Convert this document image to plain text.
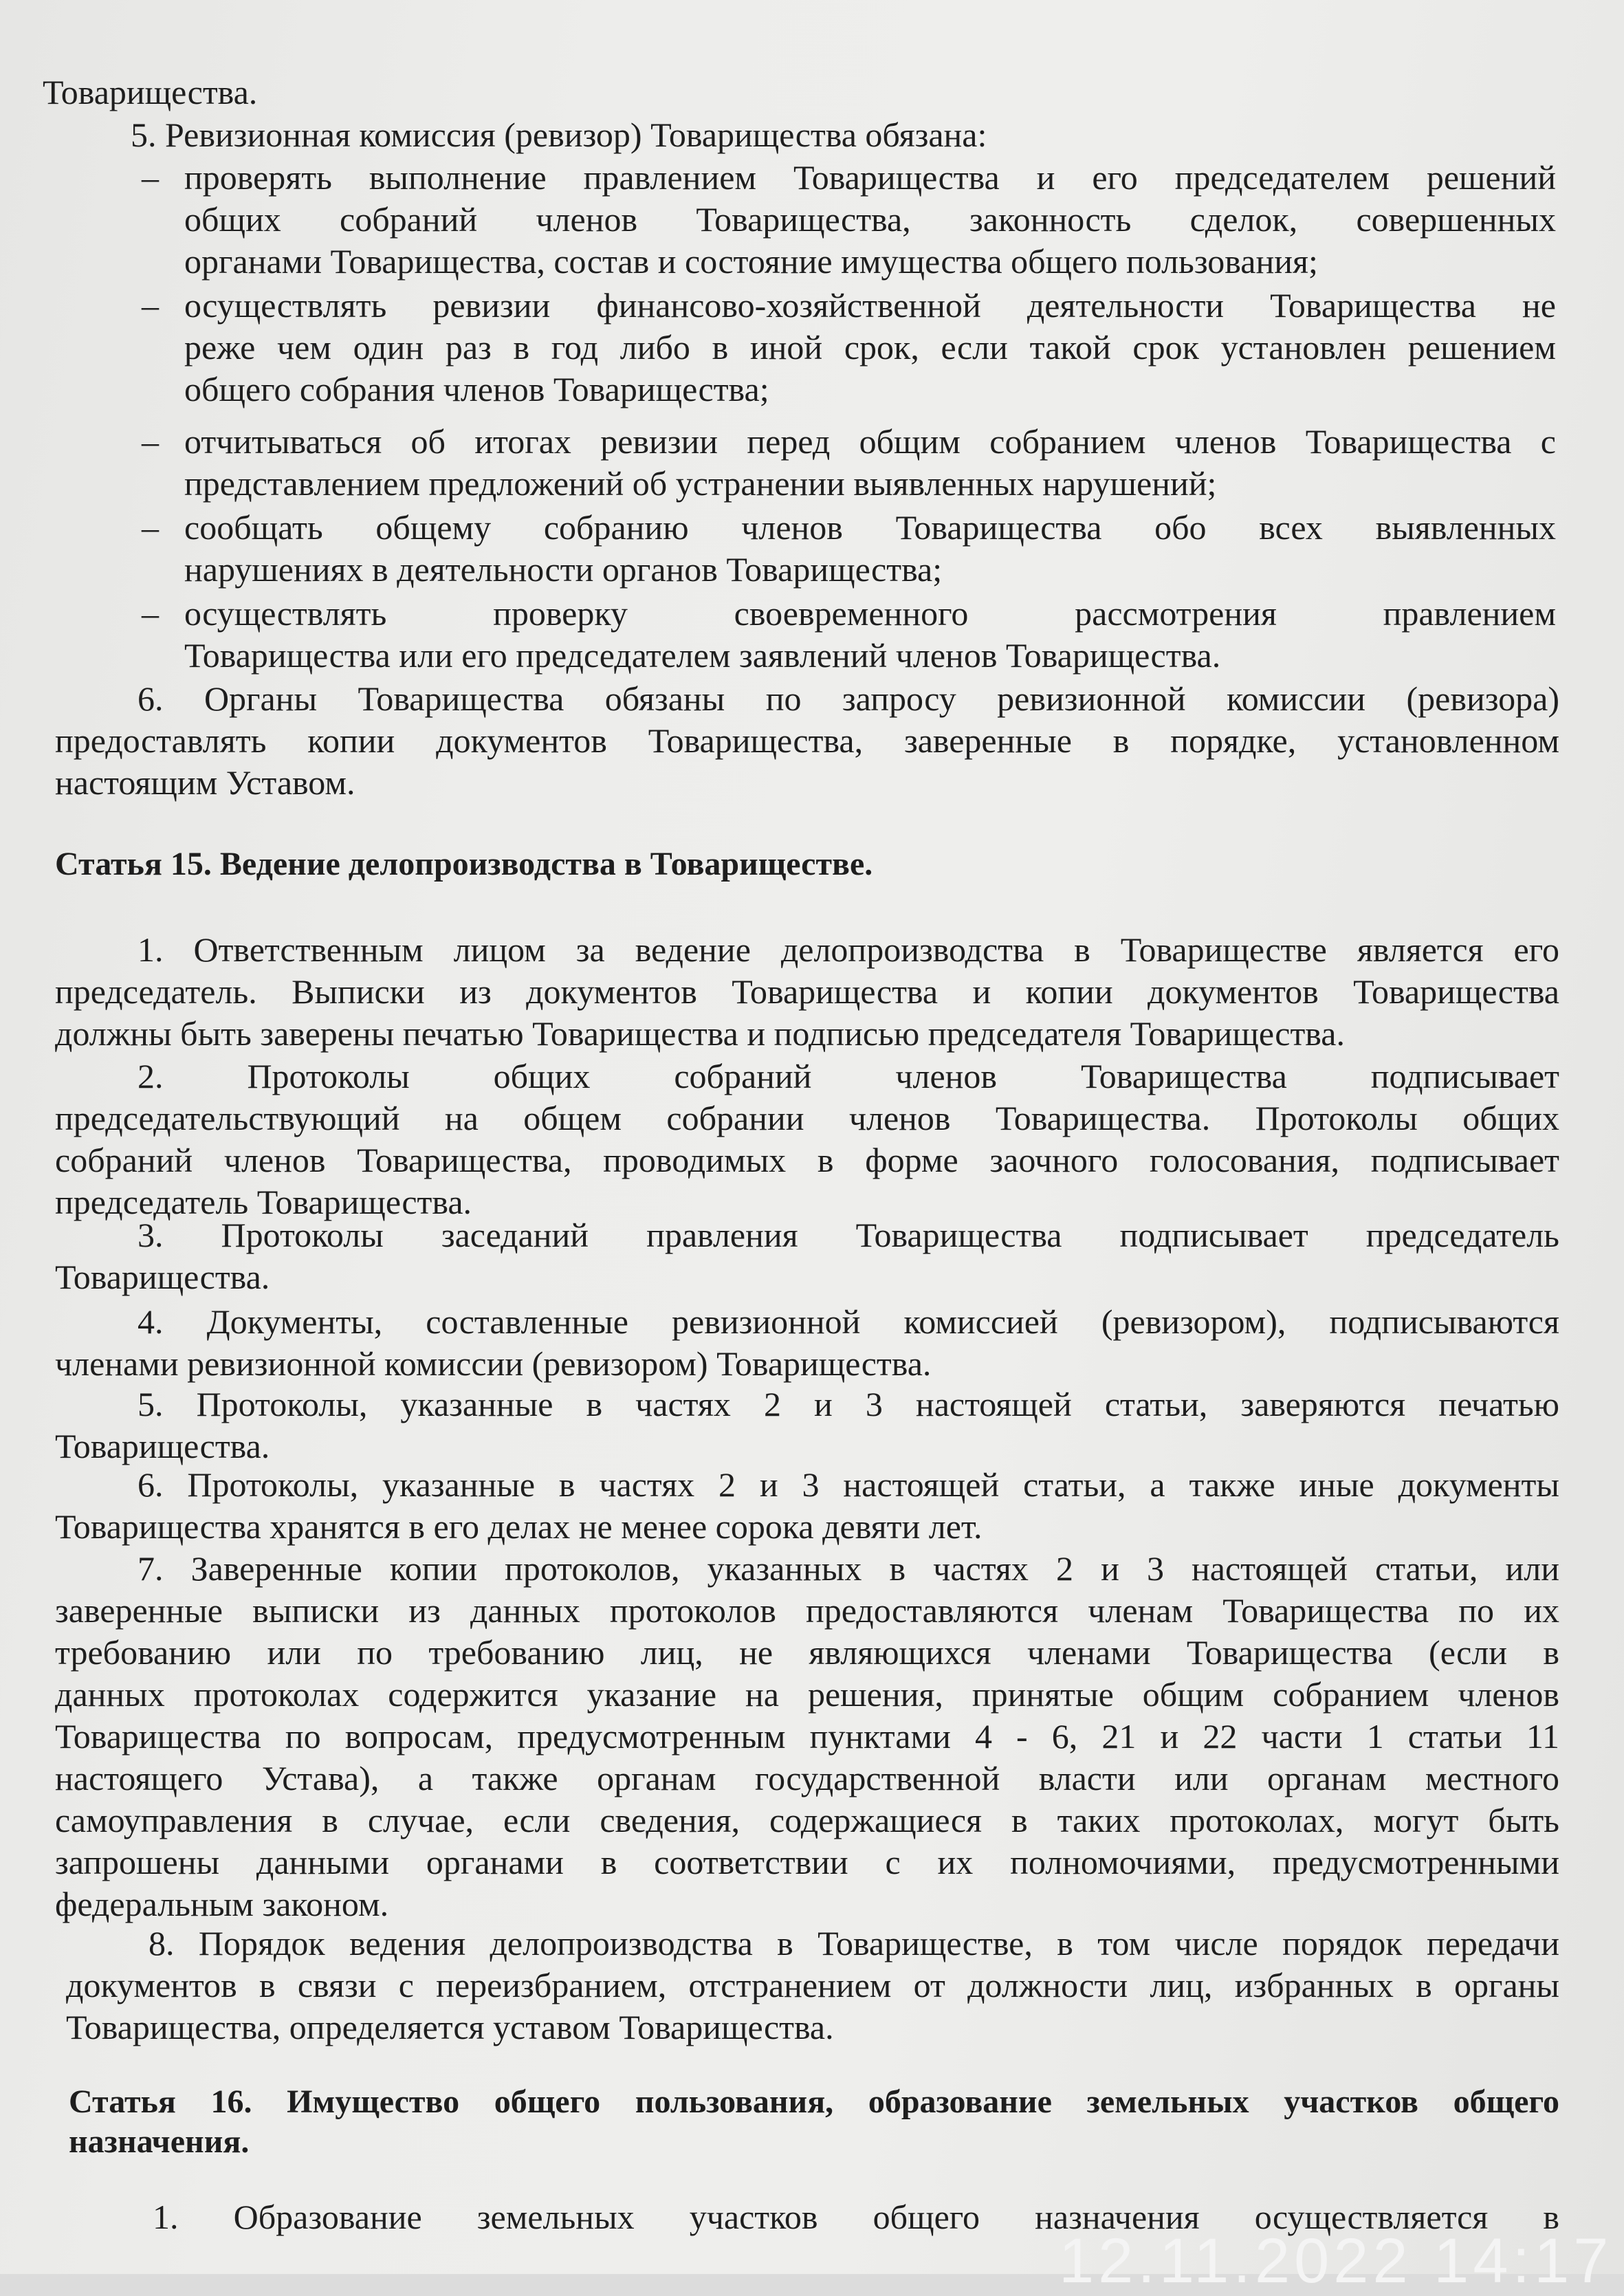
Товарищества.

5. Ревизионная комиссия (ревизор) Товарищества обязана:

– проверять выполнение правлением Товарищества и его председателем решений

общих собраний членов Товарищества, законность сделок, совершенных

органами Товарищества, состав и состояние имущества общего пользования;

– осуществлять ревизии финансово-хозяйственной деятельности Товарищества не

реже чем один раз в год либо в иной срок, если такой срок установлен решением

общего собрания членов Товарищества;

– отчитываться об итогах ревизии перед общим собранием членов Товарищества с

представлением предложений об устранении выявленных нарушений;

– сообщать общему собранию членов Товарищества обо всех выявленных

нарушениях в деятельности органов Товарищества;

– осуществлять проверку своевременного рассмотрения правлением

Товарищества или его председателем заявлений членов Товарищества.

6. Органы Товарищества обязаны по запросу ревизионной комиссии (ревизора)

предоставлять копии документов Товарищества, заверенные в порядке, установленном

настоящим Уставом.

Статья 15. Ведение делопроизводства в Товариществе.

1. Ответственным лицом за ведение делопроизводства в Товариществе является его

председатель. Выписки из документов Товарищества и копии документов Товарищества

должны быть заверены печатью Товарищества и подписью председателя Товарищества.

2. Протоколы общих собраний членов Товарищества подписывает

председательствующий на общем собрании членов Товарищества. Протоколы общих

собраний членов Товарищества, проводимых в форме заочного голосования, подписывает

председатель Товарищества.

3. Протоколы заседаний правления Товарищества подписывает председатель

Товарищества.

4. Документы, составленные ревизионной комиссией (ревизором), подписываются

членами ревизионной комиссии (ревизором) Товарищества.

5. Протоколы, указанные в частях 2 и 3 настоящей статьи, заверяются печатью

Товарищества.

6. Протоколы, указанные в частях 2 и 3 настоящей статьи, а также иные документы

Товарищества хранятся в его делах не менее сорока девяти лет.

7. Заверенные копии протоколов, указанных в частях 2 и 3 настоящей статьи, или

заверенные выписки из данных протоколов предоставляются членам Товарищества по их

требованию или по требованию лиц, не являющихся членами Товарищества (если в

данных протоколах содержится указание на решения, принятые общим собранием членов

Товарищества по вопросам, предусмотренным пунктами 4 - 6, 21 и 22 части 1 статьи 11

настоящего Устава), а также органам государственной власти или органам местного

самоуправления в случае, если сведения, содержащиеся в таких протоколах, могут быть

запрошены данными органами в соответствии с их полномочиями, предусмотренными

федеральным законом.

8. Порядок ведения делопроизводства в Товариществе, в том числе порядок передачи

документов в связи с переизбранием, отстранением от должности лиц, избранных в органы

Товарищества, определяется уставом Товарищества.

Статья 16. Имущество общего пользования, образование земельных участков общего

назначения.

1. Образование земельных участков общего назначения осуществляется в

12.11.2022 14:17
